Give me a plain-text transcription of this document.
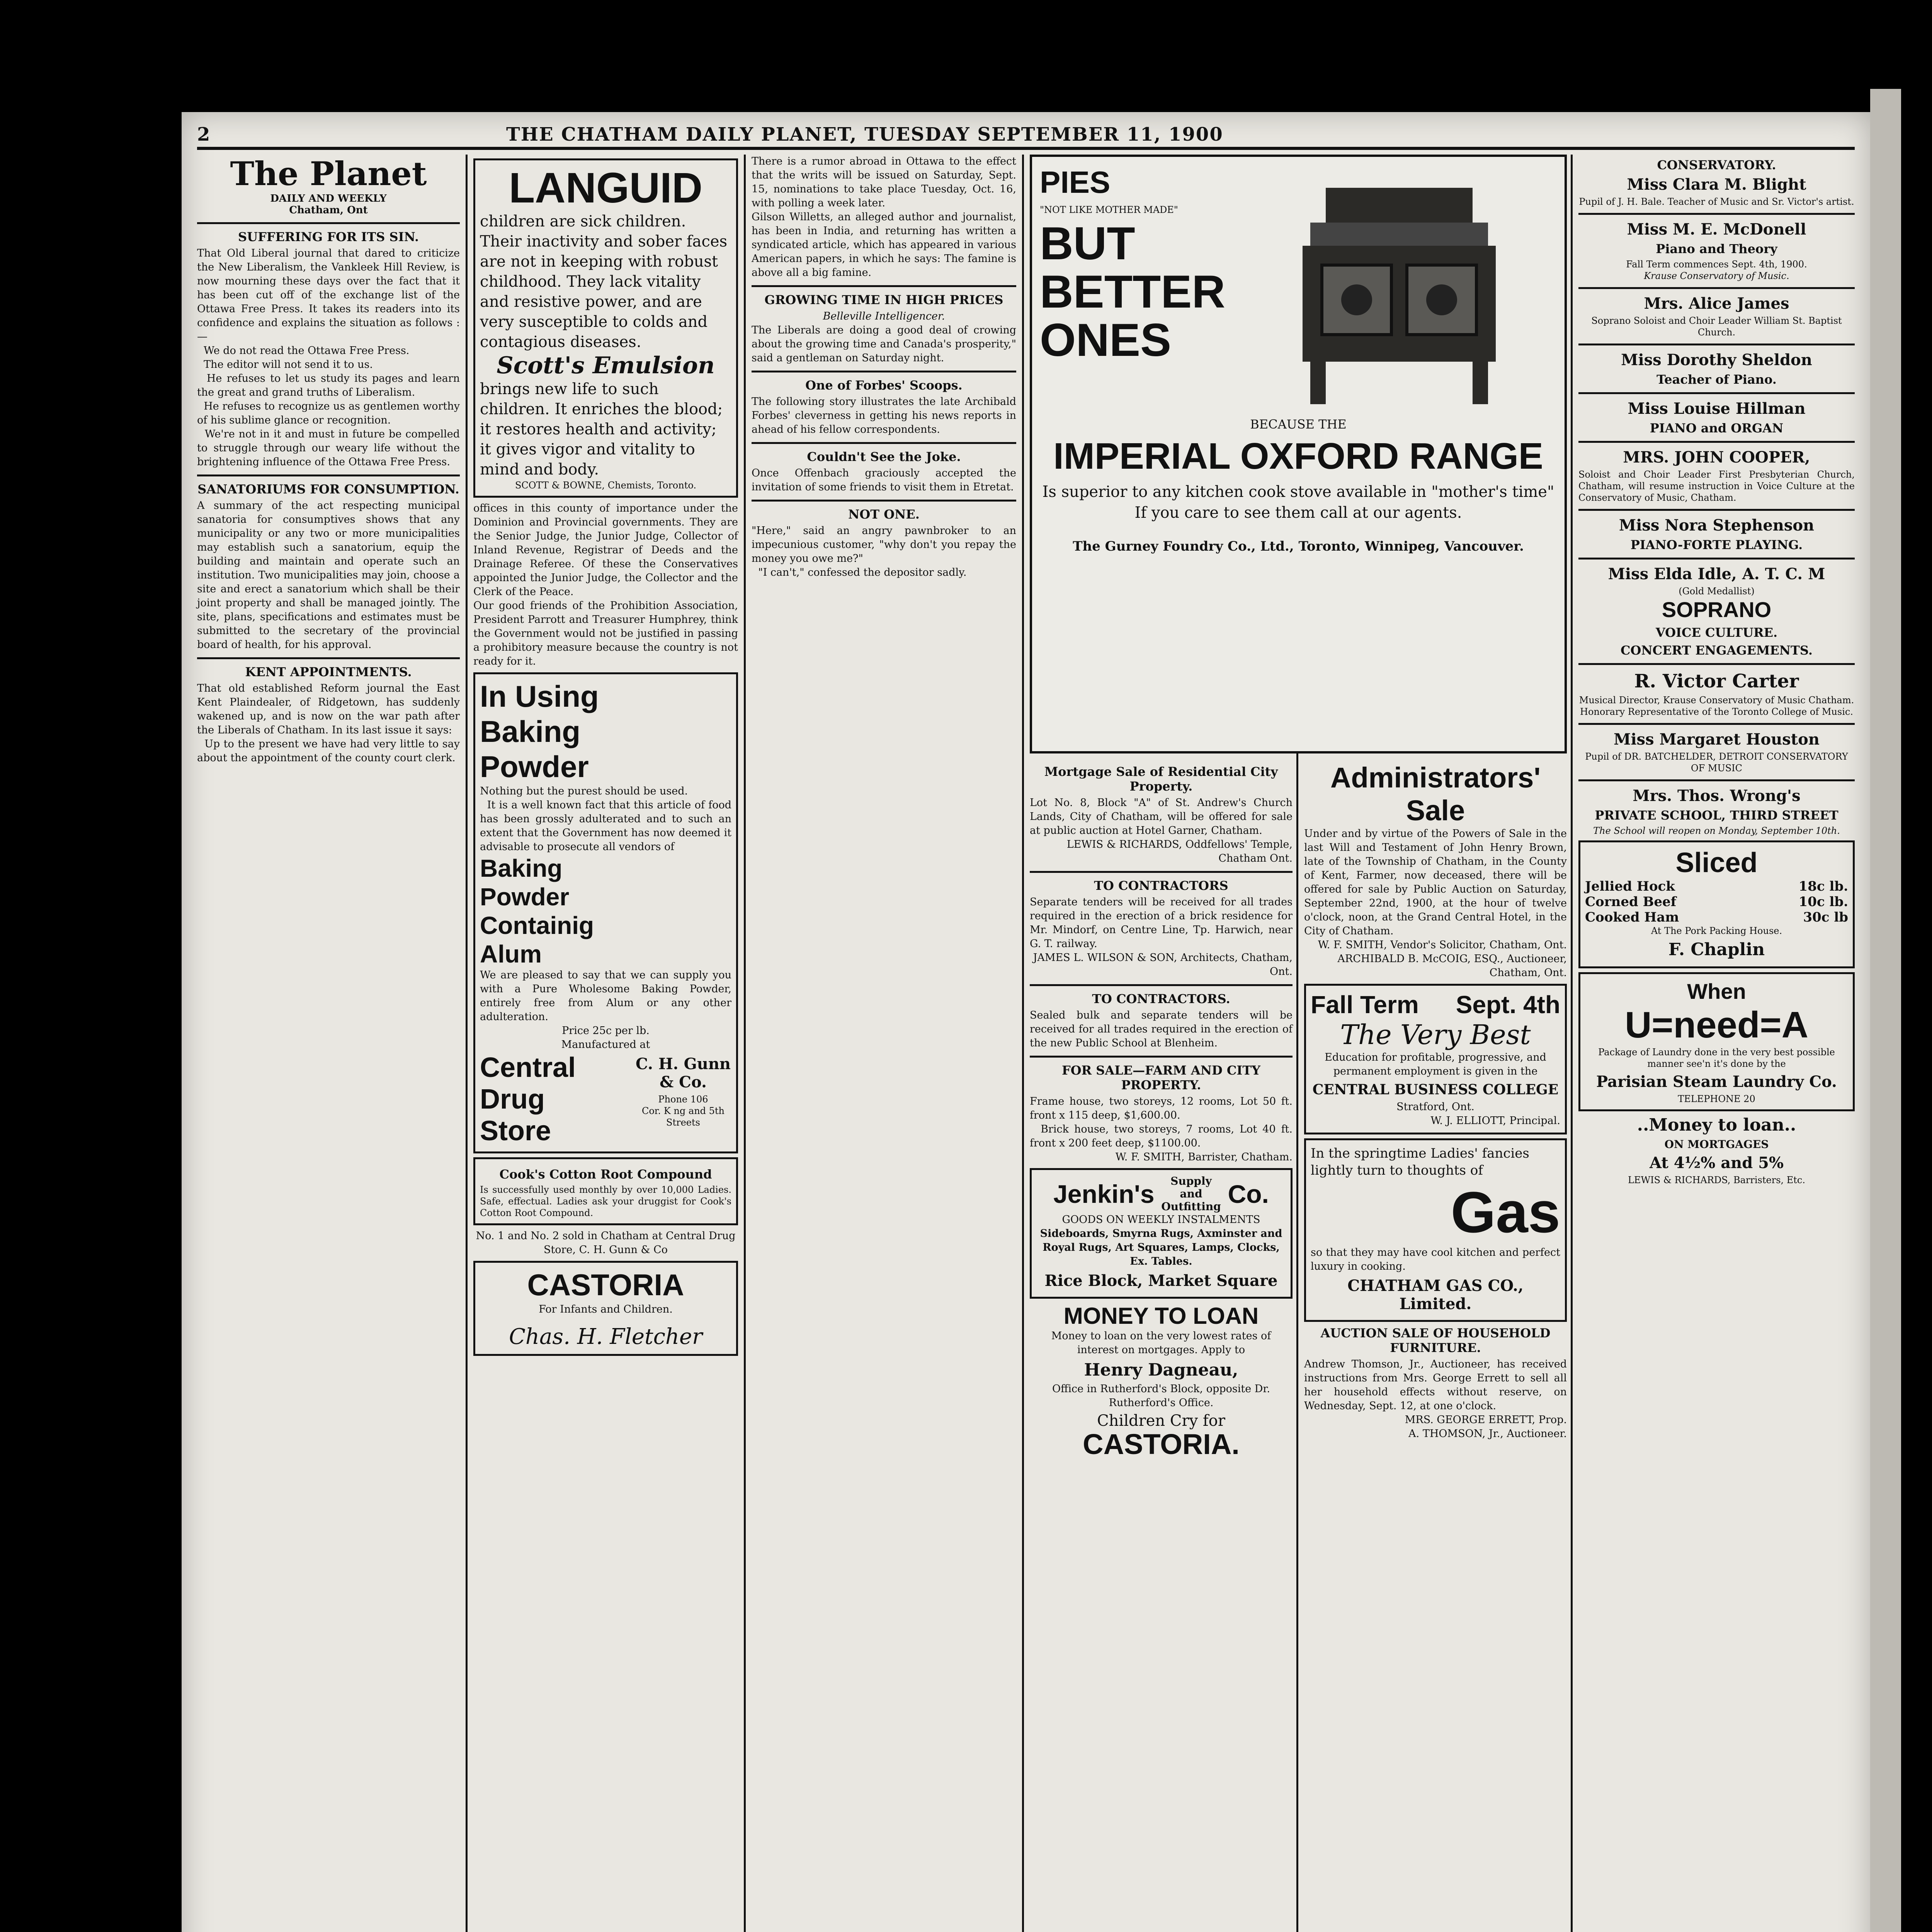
2	THE CHATHAM DAILY PLANET, TUESDAY SEPTEMBER 11, 1900
The Planet
DAILY AND WEEKLY
Chatham, Ont
SUFFERING FOR ITS SIN.

That Old Liberal journal that dared to criticize the New Liberalism, the Vankleek Hill Review, is now mourning these days over the fact that it has been cut off of the exchange list of the Ottawa Free Press. It takes its readers into its confidence and explains the situation as follows :—
We do not read the Ottawa Free Press.
The editor will not send it to us.
He refuses to let us study its pages and learn the great and grand truths of Liberalism.
He refuses to recognize us as gentlemen worthy of his sublime glance or recognition.
We're not in it and must in future be compelled to struggle through our weary life without the brightening influence of the Ottawa Free Press.

SANATORIUMS FOR CONSUMPTION.

A summary of the act respecting municipal sanatoria for consumptives shows that any municipality or any two or more municipalities may establish such a sanatorium, equip the building and maintain and operate such an institution. Two municipalities may join, choose a site and erect a sanatorium which shall be their joint property and shall be managed jointly. The site, plans, specifications and estimates must be submitted to the secretary of the provincial board of health, for his approval.

KENT APPOINTMENTS.

That old established Reform journal the East Kent Plaindealer, of Ridgetown, has suddenly wakened up, and is now on the war path after the Liberals of Chatham. In its last issue it says:
Up to the present we have had very little to say about the appointment of the county court clerk.

LANGUID

children are sick children. Their inactivity and sober faces are not in keeping with robust childhood. They lack vitality and resistive power, and are very susceptible to colds and contagious diseases.

Scott's Emulsion

brings new life to such children. It enriches the blood; it restores health and activity; it gives vigor and vitality to mind and body.

SCOTT & BOWNE, Chemists, Toronto.

offices in this county of importance under the Dominion and Provincial governments. They are the Senior Judge, the Junior Judge, Collector of Inland Revenue, Registrar of Deeds and the Drainage Referee. Of these the Conservatives appointed the Junior Judge, the Collector and the Clerk of the Peace.

Our good friends of the Prohibition Association, President Parrott and Treasurer Humphrey, think the Government would not be justified in passing a prohibitory measure because the country is not ready for it.

In Using
Baking
Powder

Nothing but the purest should be used.
It is a well known fact that this article of food has been grossly adulterated and to such an extent that the Government has now deemed it advisable to prosecute all vendors of

Baking
Powder
Containig
Alum

We are pleased to say that we can supply you with a Pure Wholesome Baking Powder, entirely free from Alum or any other adulteration.

Price 25c per lb.
Manufactured at
Central
Drug
Store
C. H. Gunn & Co.
Phone 106
Cor. K ng and 5th Streets
Cook's Cotton Root Compound

Is successfully used monthly by over 10,000 Ladies. Safe, effectual. Ladies ask your druggist for Cook's Cotton Root Compound.

No. 1 and No. 2 sold in Chatham at Central Drug Store, C. H. Gunn & Co
CASTORIA
For Infants and Children.
Chas. H. Fletcher

There is a rumor abroad in Ottawa to the effect that the writs will be issued on Saturday, Sept. 15, nominations to take place Tuesday, Oct. 16, with polling a week later.

Gilson Willetts, an alleged author and journalist, has been in India, and returning has written a syndicated article, which has appeared in various American papers, in which he says: The famine is above all a big famine.

GROWING TIME IN HIGH PRICES
Belleville Intelligencer.

The Liberals are doing a good deal of crowing about the growing time and Canada's prosperity," said a gentleman on Saturday night.

One of Forbes' Scoops.

The following story illustrates the late Archibald Forbes' cleverness in getting his news reports in ahead of his fellow correspondents.

Couldn't See the Joke.

Once Offenbach graciously accepted the invitation of some friends to visit them in Etretat.

NOT ONE.

"Here," said an angry pawnbroker to an impecunious customer, "why don't you repay the money you owe me?"
"I can't," confessed the depositor sadly.

PIES
"NOT LIKE MOTHER MADE"
BUT
BETTER
ONES
BECAUSE THE
IMPERIAL OXFORD RANGE

Is superior to any kitchen cook stove available in "mother's time" If you care to see them call at our agents.

The Gurney Foundry Co., Ltd., Toronto, Winnipeg, Vancouver.
Mortgage Sale of Residential City Property.

Lot No. 8, Block "A" of St. Andrew's Church Lands, City of Chatham, will be offered for sale at public auction at Hotel Garner, Chatham.

LEWIS & RICHARDS, Oddfellows' Temple, Chatham Ont.
TO CONTRACTORS

Separate tenders will be received for all trades required in the erection of a brick residence for Mr. Mindorf, on Centre Line, Tp. Harwich, near G. T. railway.

JAMES L. WILSON & SON, Architects, Chatham, Ont.
TO CONTRACTORS.

Sealed bulk and separate tenders will be received for all trades required in the erection of the new Public School at Blenheim.

FOR SALE—FARM AND CITY PROPERTY.

Frame house, two storeys, 12 rooms, Lot 50 ft. front x 115 deep, $1,600.00.
Brick house, two storeys, 7 rooms, Lot 40 ft. front x 200 feet deep, $1100.00.

W. F. SMITH, Barrister, Chatham.
Jenkin's	Supply and Outfitting Co.
GOODS ON WEEKLY INSTALMENTS

Sideboards, Smyrna Rugs, Axminster and Royal Rugs, Art Squares, Lamps, Clocks, Ex. Tables.

Rice Block, Market Square
MONEY TO LOAN

Money to loan on the very lowest rates of interest on mortgages. Apply to

Henry Dagneau,
Office in Rutherford's Block, opposite Dr. Rutherford's Office.
Children Cry for
CASTORIA.
Administrators' Sale

Under and by virtue of the Powers of Sale in the last Will and Testament of John Henry Brown, late of the Township of Chatham, in the County of Kent, Farmer, now deceased, there will be offered for sale by Public Auction on Saturday, September 22nd, 1900, at the hour of twelve o'clock, noon, at the Grand Central Hotel, in the City of Chatham.

W. F. SMITH, Vendor's Solicitor, Chatham, Ont.
ARCHIBALD B. McCOIG, ESQ., Auctioneer, Chatham, Ont.
Fall Term Sept. 4th
The Very Best

Education for profitable, progressive, and permanent employment is given in the

CENTRAL BUSINESS COLLEGE
Stratford, Ont.
W. J. ELLIOTT, Principal.

In the springtime Ladies' fancies lightly turn to thoughts of

Gas

so that they may have cool kitchen and perfect luxury in cooking.

CHATHAM GAS CO., Limited.
AUCTION SALE OF HOUSEHOLD FURNITURE.

Andrew Thomson, Jr., Auctioneer, has received instructions from Mrs. George Errett to sell all her household effects without reserve, on Wednesday, Sept. 12, at one o'clock.

MRS. GEORGE ERRETT, Prop.
A. THOMSON, Jr., Auctioneer.
CONSERVATORY.
Miss Clara M. Blight
Pupil of J. H. Bale. Teacher of Music and Sr. Victor's artist.
Miss M. E. McDonell
Piano and Theory
Fall Term commences Sept. 4th, 1900.
Krause Conservatory of Music.
Mrs. Alice James
Soprano Soloist and Choir Leader William St. Baptist Church.
Miss Dorothy Sheldon
Teacher of Piano.
Miss Louise Hillman
PIANO and ORGAN
MRS. JOHN COOPER,

Soloist and Choir Leader First Presbyterian Church, Chatham, will resume instruction in Voice Culture at the Conservatory of Music, Chatham.

Miss Nora Stephenson
PIANO-FORTE PLAYING.
Miss Elda Idle, A. T. C. M
(Gold Medallist)
SOPRANO
VOICE CULTURE.
CONCERT ENGAGEMENTS.
R. Victor Carter

Musical Director, Krause Conservatory of Music Chatham. Honorary Representative of the Toronto College of Music.

Miss Margaret Houston
Pupil of DR. BATCHELDER, DETROIT CONSERVATORY OF MUSIC
Mrs. Thos. Wrong's
PRIVATE SCHOOL, THIRD STREET
The School will reopen on Monday, September 10th.
Sliced
Jellied Hock	18c lb.
Corned Beef	10c lb.
Cooked Ham	30c lb
At The Pork Packing House.
F. Chaplin
When
U=need=A

Package of Laundry done in the very best possible manner see'n it's done by the

Parisian Steam Laundry Co.
TELEPHONE 20
..Money to loan..
ON MORTGAGES
At 4½% and 5%
LEWIS & RICHARDS, Barristers, Etc.
